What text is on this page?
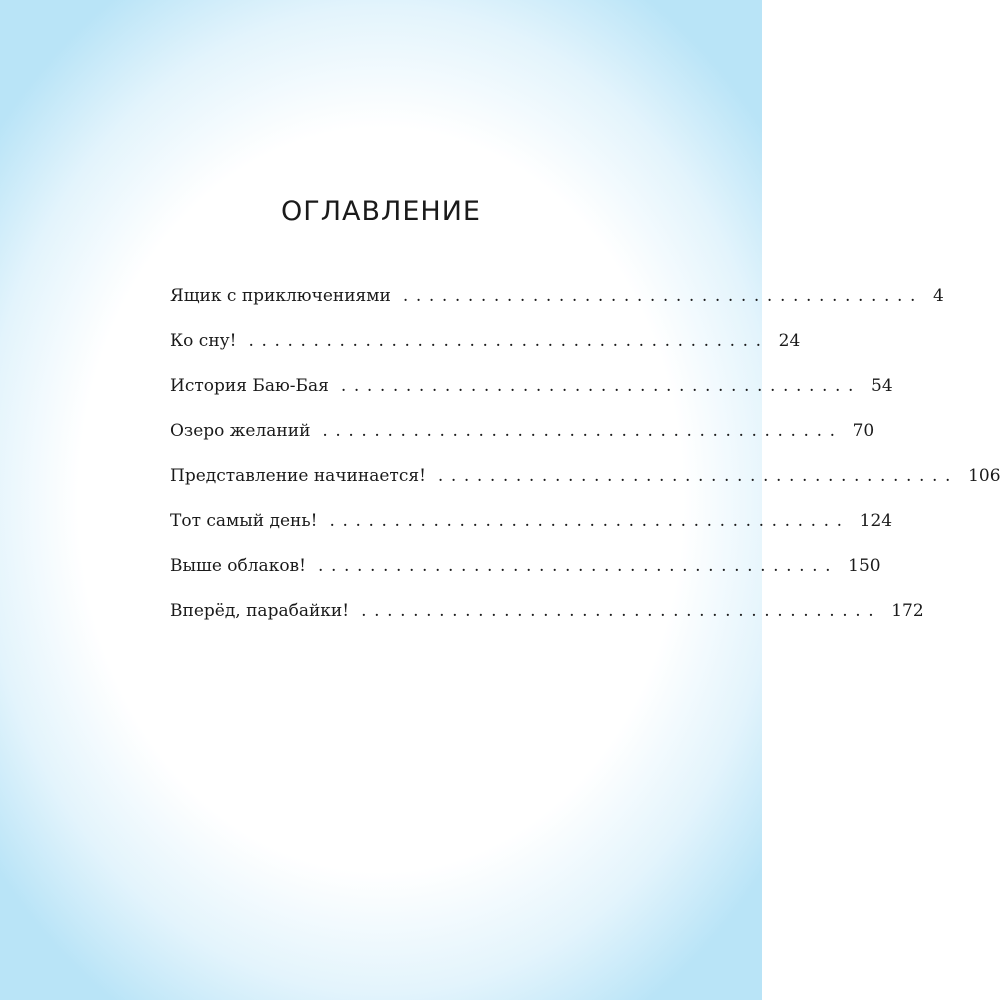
ОГЛАВЛЕНИЕ
Ящик с приключениями ........................................ 4
Ко сну! ........................................ 24
История Баю-Бая ........................................ 54
Озеро желаний ........................................ 70
Представление начинается! ........................................ 106
Тот самый день! ........................................ 124
Выше облаков! ........................................ 150
Вперёд, парабайки! ........................................ 172
